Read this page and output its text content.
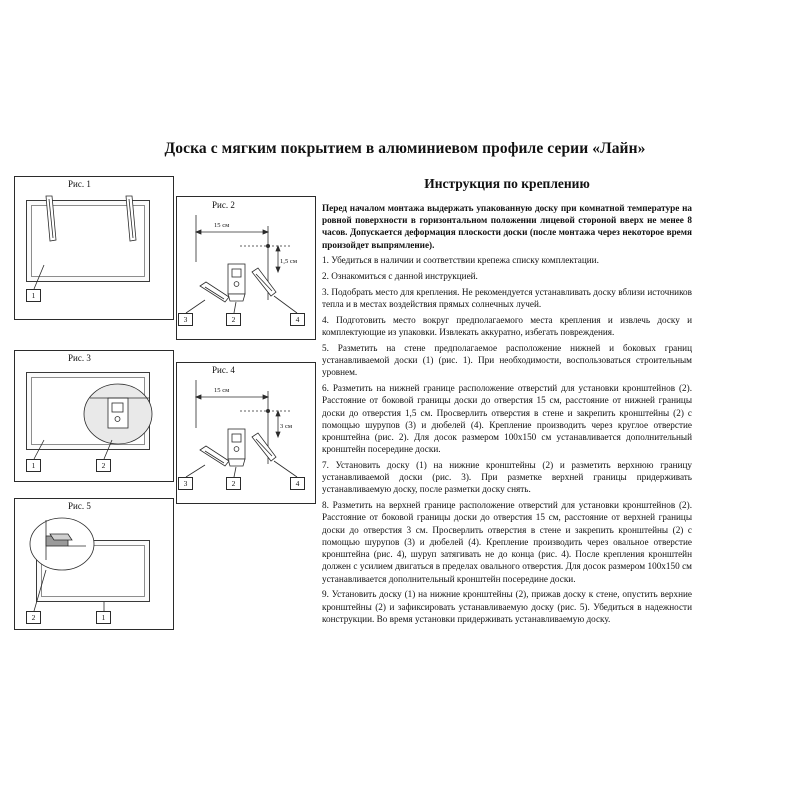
Доска с мягким покрытием в алюминиевом профиле серии «Лайн»
Инструкция по креплению

Перед началом монтажа выдержать упакованную доску при комнатной температуре на ровной поверхности в горизонтальном положении лицевой стороной вверх не менее 8 часов. Допускается деформация плоскости доски (после монтажа через некоторое время произойдет выпрямление).

1. Убедиться в наличии и соответствии крепежа списку комплектации.

2. Ознакомиться с данной инструкцией.

3. Подобрать место для крепления. Не рекомендуется устанавливать доску вблизи источников тепла и в местах воздействия прямых солнечных лучей.

4. Подготовить место вокруг предполагаемого места крепления и извлечь доску и комплектующие из упаковки. Извлекать аккуратно, избегать повреждения.

5. Разметить на стене предполагаемое расположение нижней и боковых границ устанавливаемой доски (1) (рис. 1). При необходимости, воспользоваться строительным уровнем.

6. Разметить на нижней границе расположение отверстий для установки кронштейнов (2). Расстояние от боковой границы доски до отверстия 15 см, расстояние от нижней границы доски до отверстия 1,5 см. Просверлить отверстия в стене и закрепить кронштейны (2) с помощью шурупов (3) и дюбелей (4). Крепление производить через круглое отверстие кронштейна (рис. 2). Для досок размером 100х150 см устанавливается дополнительный кронштейн посередине доски.

7. Установить доску (1) на нижние кронштейны (2) и разметить верхнюю границу устанавливаемой доски (рис. 3). При разметке верхней границы придерживать устанавливаемую доску, после разметки доску снять.

8. Разметить на верхней границе расположение отверстий для установки кронштейнов (2). Расстояние от боковой границы доски до отверстия 15 см, расстояние от верхней границы доски до отверстия 3 см. Просверлить отверстия в стене и закрепить кронштейны (2) с помощью шурупов (3) и дюбелей (4). Крепление производить через овальное отверстие кронштейна (рис. 4), шуруп затягивать не до конца (рис. 4). После крепления кронштейн должен с усилием двигаться в пределах овального отверстия. Для досок размером 100х150 см устанавливается дополнительный кронштейн посередине доски.

9. Установить доску (1) на нижние кронштейны (2), прижав доску к стене, опустить верхние кронштейны (2) и зафиксировать устанавливаемую доску (рис. 5). Убедиться в надежности конструкции. Во время установки придерживать устанавливаемую доску.

Рис. 1
1
Рис. 2
15 см
1,5 см
3	2	4
Рис. 3
1	2
Рис. 4
15 см
3 см
3	2	4
Рис. 5
2	1
